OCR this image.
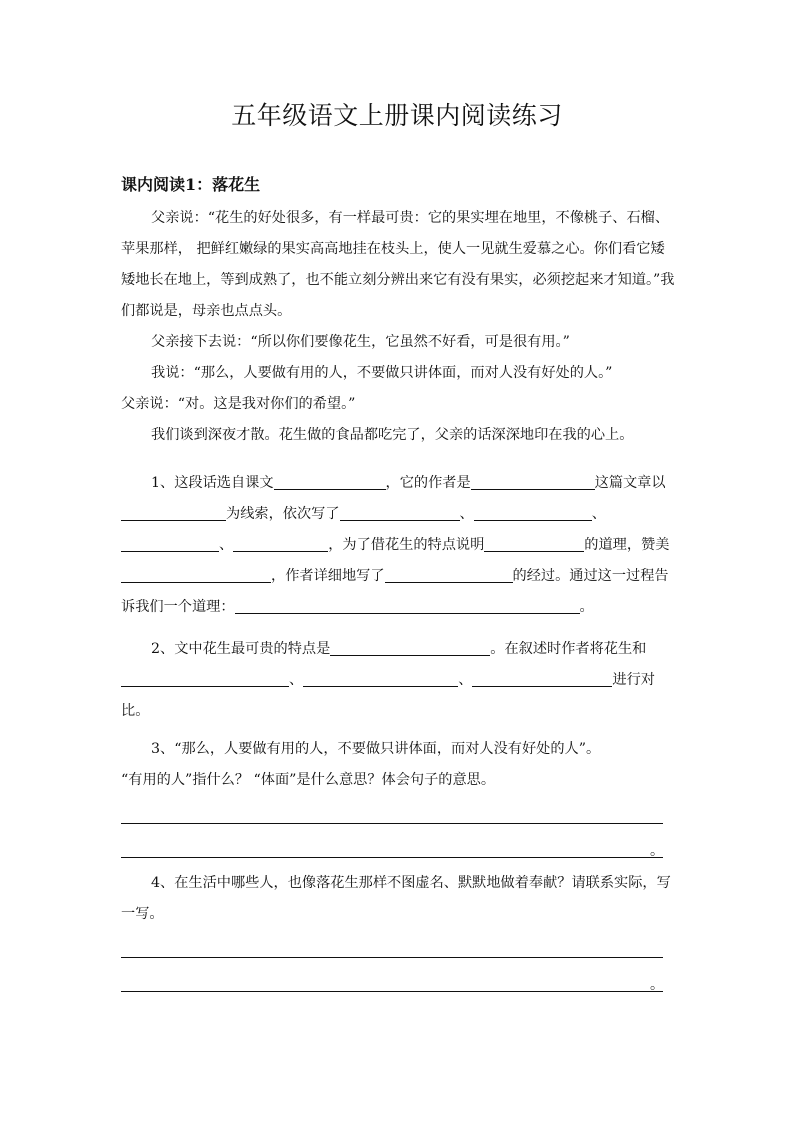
五年级语文上册课内阅读练习
课内阅读1：落花生

父亲说：“花生的好处很多，有一样最可贵：它的果实埋在地里，不像桃子、石榴、苹果那样， 把鲜红嫩绿的果实高高地挂在枝头上，使人一见就生爱慕之心。你们看它矮矮地长在地上，等到成熟了，也不能立刻分辨出来它有没有果实，必须挖起来才知道。”我们都说是，母亲也点点头。

父亲接下去说：“所以你们要像花生，它虽然不好看，可是很有用。”

我说：“那么，人要做有用的人，不要做只讲体面，而对人没有好处的人。”

父亲说：“对。这是我对你们的希望。”

我们谈到深夜才散。花生做的食品都吃完了，父亲的话深深地印在我的心上。

1、这段话选自课文	，它的作者是	这篇文章以为线索，依次写了	、	、、	，为了借花生的特点说明	的道理，赞美，作者详细地写了	的经过。通过这一过程告诉我们一个道理：	。

2、文中花生最可贵的特点是	。在叙述时作者将花生和、	、	进行对比。

3、“那么，人要做有用的人，不要做只讲体面，而对人没有好处的人”。

“有用的人”指什么？ “体面”是什么意思？体会句子的意思。

。

4、在生活中哪些人，也像落花生那样不图虚名、默默地做着奉献？请联系实际，写一写。

。
